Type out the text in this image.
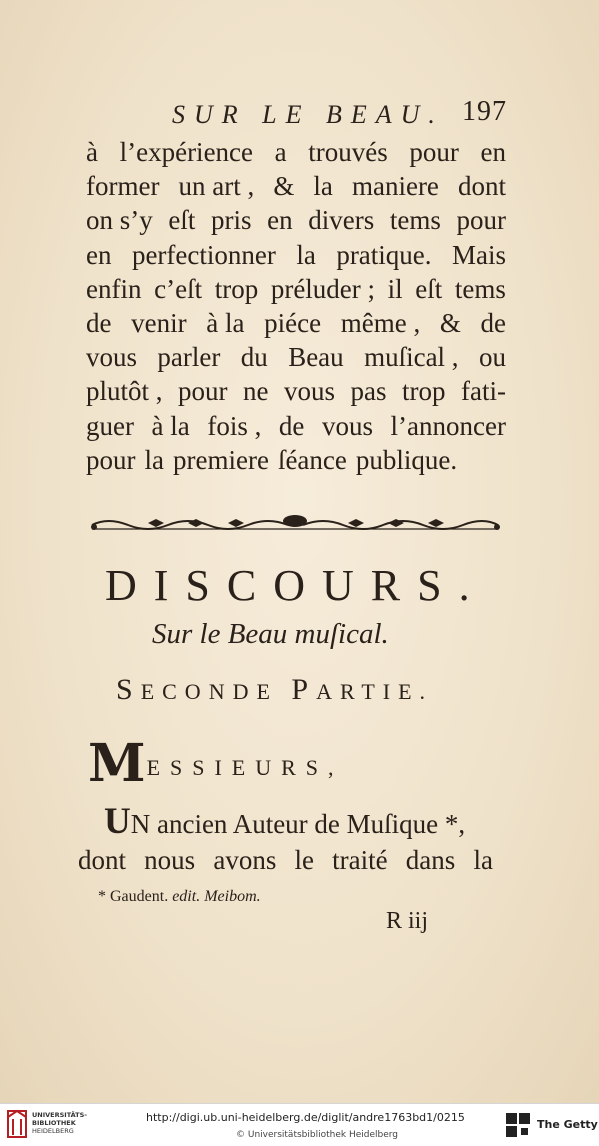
SUR LE BEAU. 197
à l’expérience a trouvés pour en
former un art , & la maniere dont
on s’y eſt pris en divers tems pour
en perfectionner la pratique. Mais
enfin c’eſt trop préluder ; il eſt tems
de venir à la piéce même , & de
vous parler du Beau muſical , ou
plutôt , pour ne vous pas trop fati-
guer à la fois , de vous l’annoncer
pour la premiere ſéance publique.
DISCOURS.
Sur le Beau muſical.
SECONDE PARTIE.
MESSIEURS,
UN ancien Auteur de Muſique *,
dont nous avons le traité dans la
* Gaudent. edit. Meibom.
R iij
UNIVERSITÄTS-
BIBLIOTHEK
HEIDELBERG
http://digi.ub.uni-heidelberg.de/diglit/andre1763bd1/0215
© Universitätsbibliothek Heidelberg
The Getty
